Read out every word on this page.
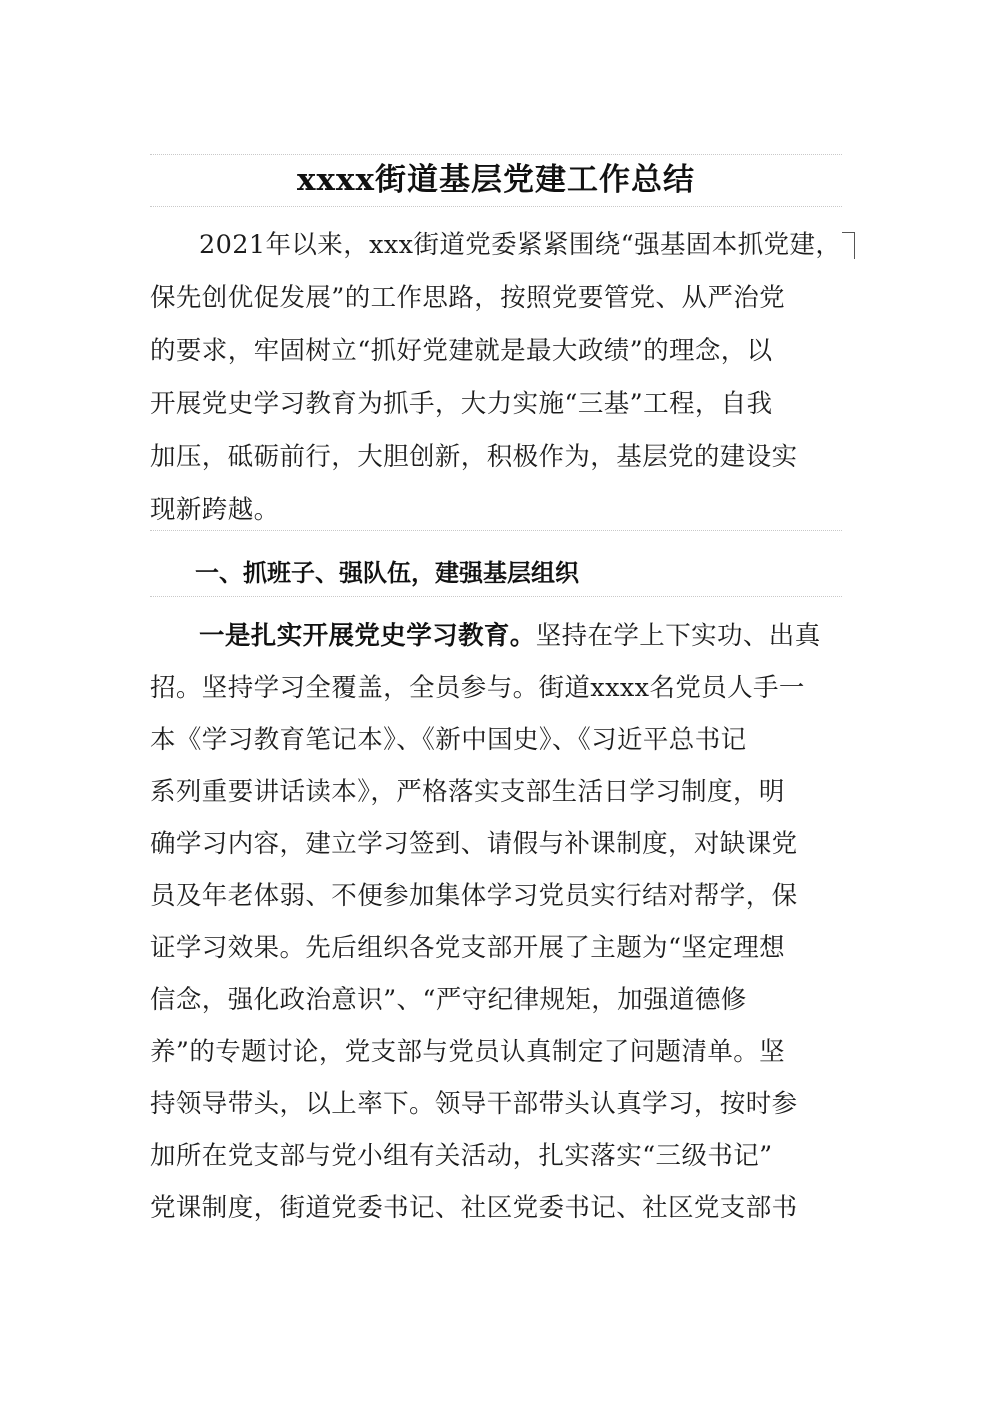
xxxx街道基层党建工作总结
2021年以来，xxx街道党委紧紧围绕“强基固本抓党建，
保先创优促发展”的工作思路，按照党要管党、从严治党
的要求，牢固树立“抓好党建就是最大政绩”的理念，以
开展党史学习教育为抓手，大力实施“三基”工程，自我
加压，砥砺前行，大胆创新，积极作为，基层党的建设实
现新跨越。
一、抓班子、强队伍，建强基层组织
一是扎实开展党史学习教育。坚持在学上下实功、出真
招。坚持学习全覆盖，全员参与。街道xxxx名党员人手一
本《学习教育笔记本》、《新中国史》、《习近平总书记
系列重要讲话读本》，严格落实支部生活日学习制度，明
确学习内容，建立学习签到、请假与补课制度，对缺课党
员及年老体弱、不便参加集体学习党员实行结对帮学，保
证学习效果。先后组织各党支部开展了主题为“坚定理想
信念，强化政治意识”、“严守纪律规矩，加强道德修
养”的专题讨论，党支部与党员认真制定了问题清单。坚
持领导带头，以上率下。领导干部带头认真学习，按时参
加所在党支部与党小组有关活动，扎实落实“三级书记”
党课制度，街道党委书记、社区党委书记、社区党支部书
